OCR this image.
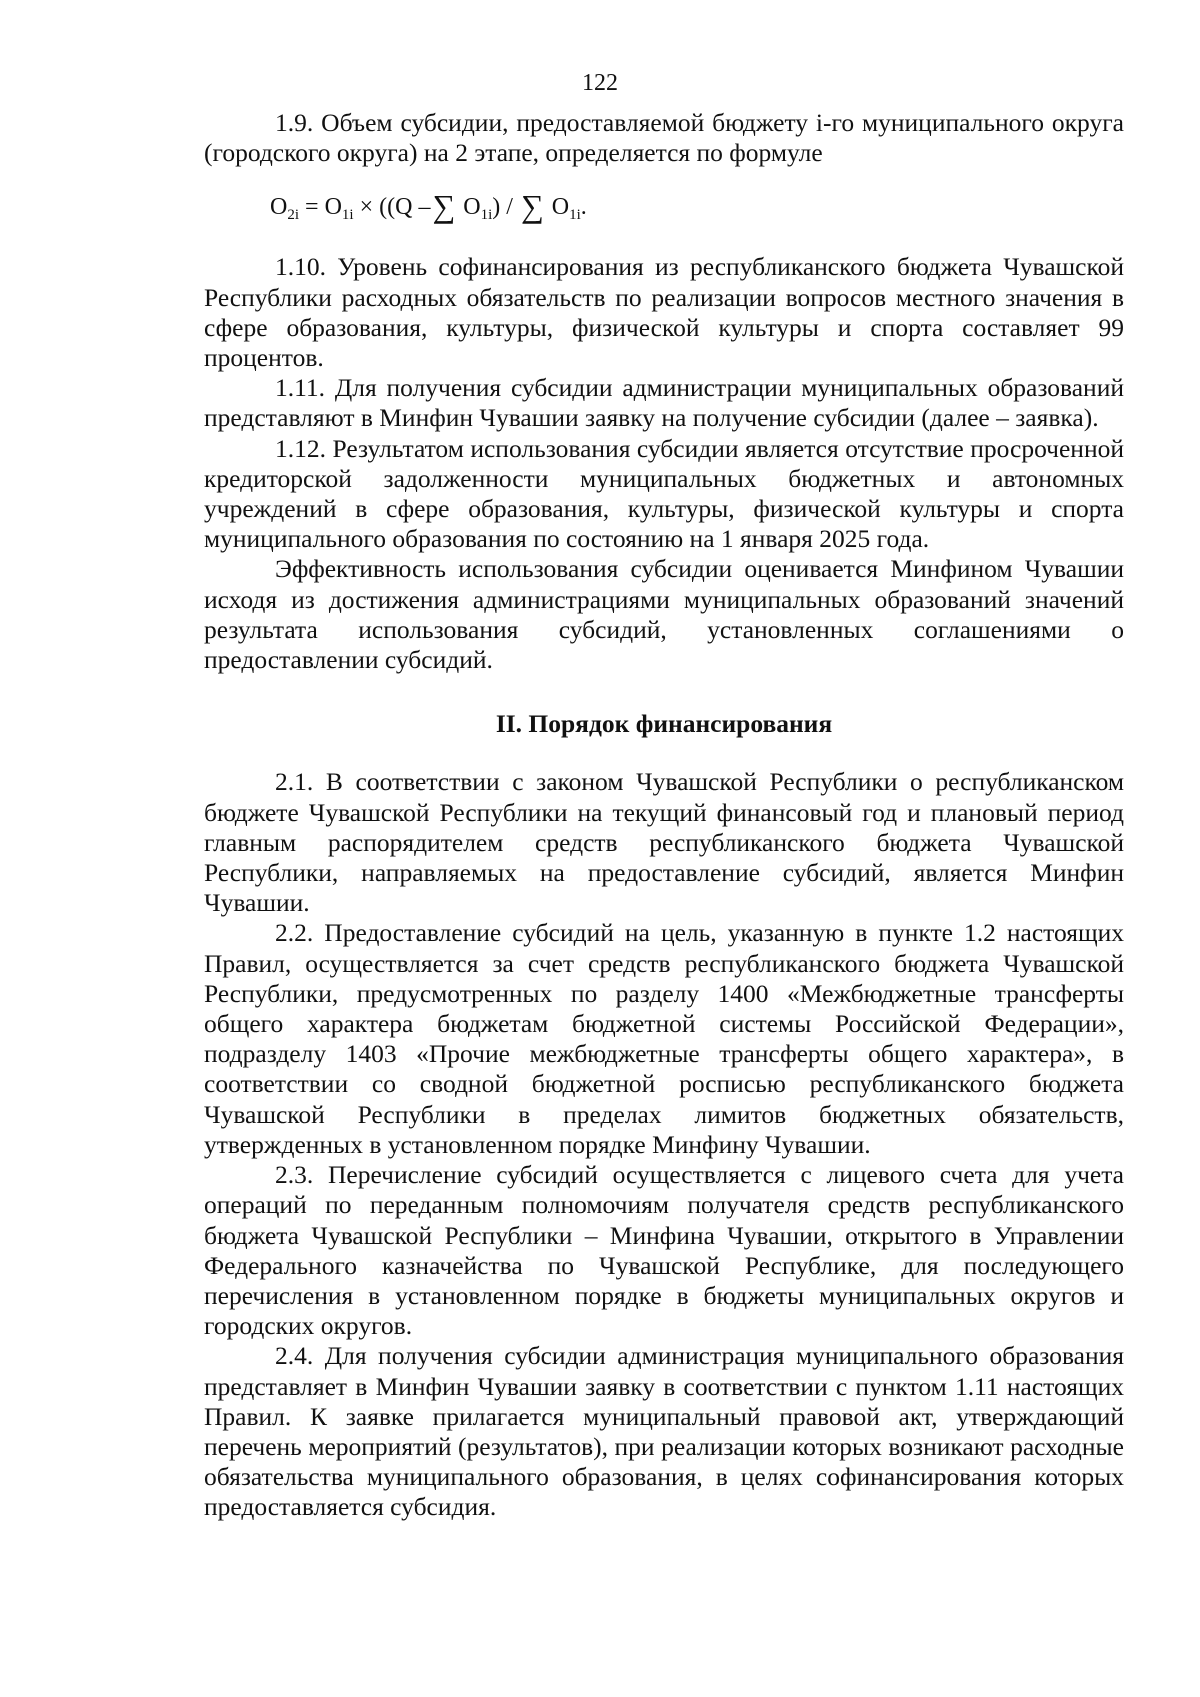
122

1.9. Объем субсидии, предоставляемой бюджету i-го муниципального округа (городского округа) на 2 этапе, определяется по формуле

$O_{2i} = O_{1i} \times ((Q$ –∑ $O_{1i}$) / ∑ $O_{1i}$.

1.10. Уровень софинансирования из республиканского бюджета Чувашской Республики расходных обязательств по реализации вопросов местного значения в сфере образования, культуры, физической культуры и спорта составляет 99 процентов.

1.11. Для получения субсидии администрации муниципальных образований представляют в Минфин Чувашии заявку на получение субсидии (далее – заявка).

1.12. Результатом использования субсидии является отсутствие просроченной кредиторской задолженности муниципальных бюджетных и автономных учреждений в сфере образования, культуры, физической культуры и спорта муниципального образования по состоянию на 1 января 2025 года.

Эффективность использования субсидии оценивается Минфином Чувашии исходя из достижения администрациями муниципальных образований значений результата использования субсидий, установленных соглашениями о предоставлении субсидий.

II. Порядок финансирования

2.1. В соответствии с законом Чувашской Республики о республиканском бюджете Чувашской Республики на текущий финансовый год и плановый период главным распорядителем средств республиканского бюджета Чувашской Республики, направляемых на предоставление субсидий, является Минфин Чувашии.

2.2. Предоставление субсидий на цель, указанную в пункте 1.2 настоящих Правил, осуществляется за счет средств республиканского бюджета Чувашской Республики, предусмотренных по разделу 1400 «Межбюджетные трансферты общего характера бюджетам бюджетной системы Российской Федерации», подразделу 1403 «Прочие межбюджетные трансферты общего характера», в соответствии со сводной бюджетной росписью республиканского бюджета Чувашской Республики в пределах лимитов бюджетных обязательств, утвержденных в установленном порядке Минфину Чувашии.

2.3. Перечисление субсидий осуществляется с лицевого счета для учета операций по переданным полномочиям получателя средств республиканского бюджета Чувашской Республики – Минфина Чувашии, открытого в Управлении Федерального казначейства по Чувашской Республике, для последующего перечисления в установленном порядке в бюджеты муниципальных округов и городских округов.

2.4. Для получения субсидии администрация муниципального образования представляет в Минфин Чувашии заявку в соответствии с пунктом 1.11 настоящих Правил. К заявке прилагается муниципальный правовой акт, утверждающий перечень мероприятий (результатов), при реализации которых возникают расходные обязательства муниципального образования, в целях софинансирования которых предоставляется субсидия.
